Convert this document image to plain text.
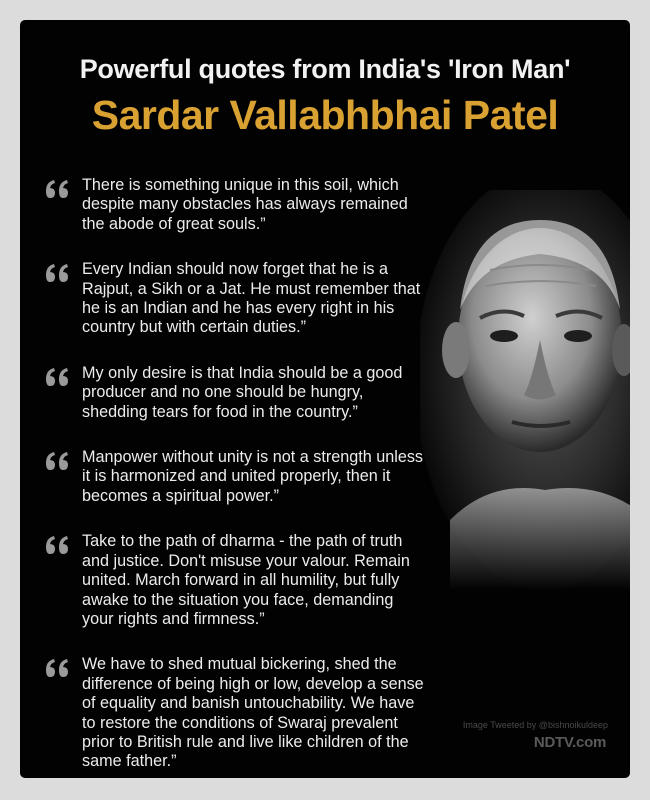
Powerful quotes from India's 'Iron Man'
Sardar Vallabhbhai Patel
There is something unique in this soil, which despite many obstacles has always remained the abode of great souls.”
Every Indian should now forget that he is a Rajput, a Sikh or a Jat. He must remember that he is an Indian and he has every right in his country but with certain duties.”
My only desire is that India should be a good producer and no one should be hungry, shedding tears for food in the country.”
Manpower without unity is not a strength unless it is harmonized and united properly, then it becomes a spiritual power.”
Take to the path of dharma - the path of truth and justice. Don't misuse your valour. Remain united. March forward in all humility, but fully awake to the situation you face, demanding your rights and firmness.”
We have to shed mutual bickering, shed the difference of being high or low, develop a sense of equality and banish untouchability. We have to restore the conditions of Swaraj prevalent prior to British rule and live like children of the same father.”
Image Tweeted by @bishnoikuldeep
NDTV.com
